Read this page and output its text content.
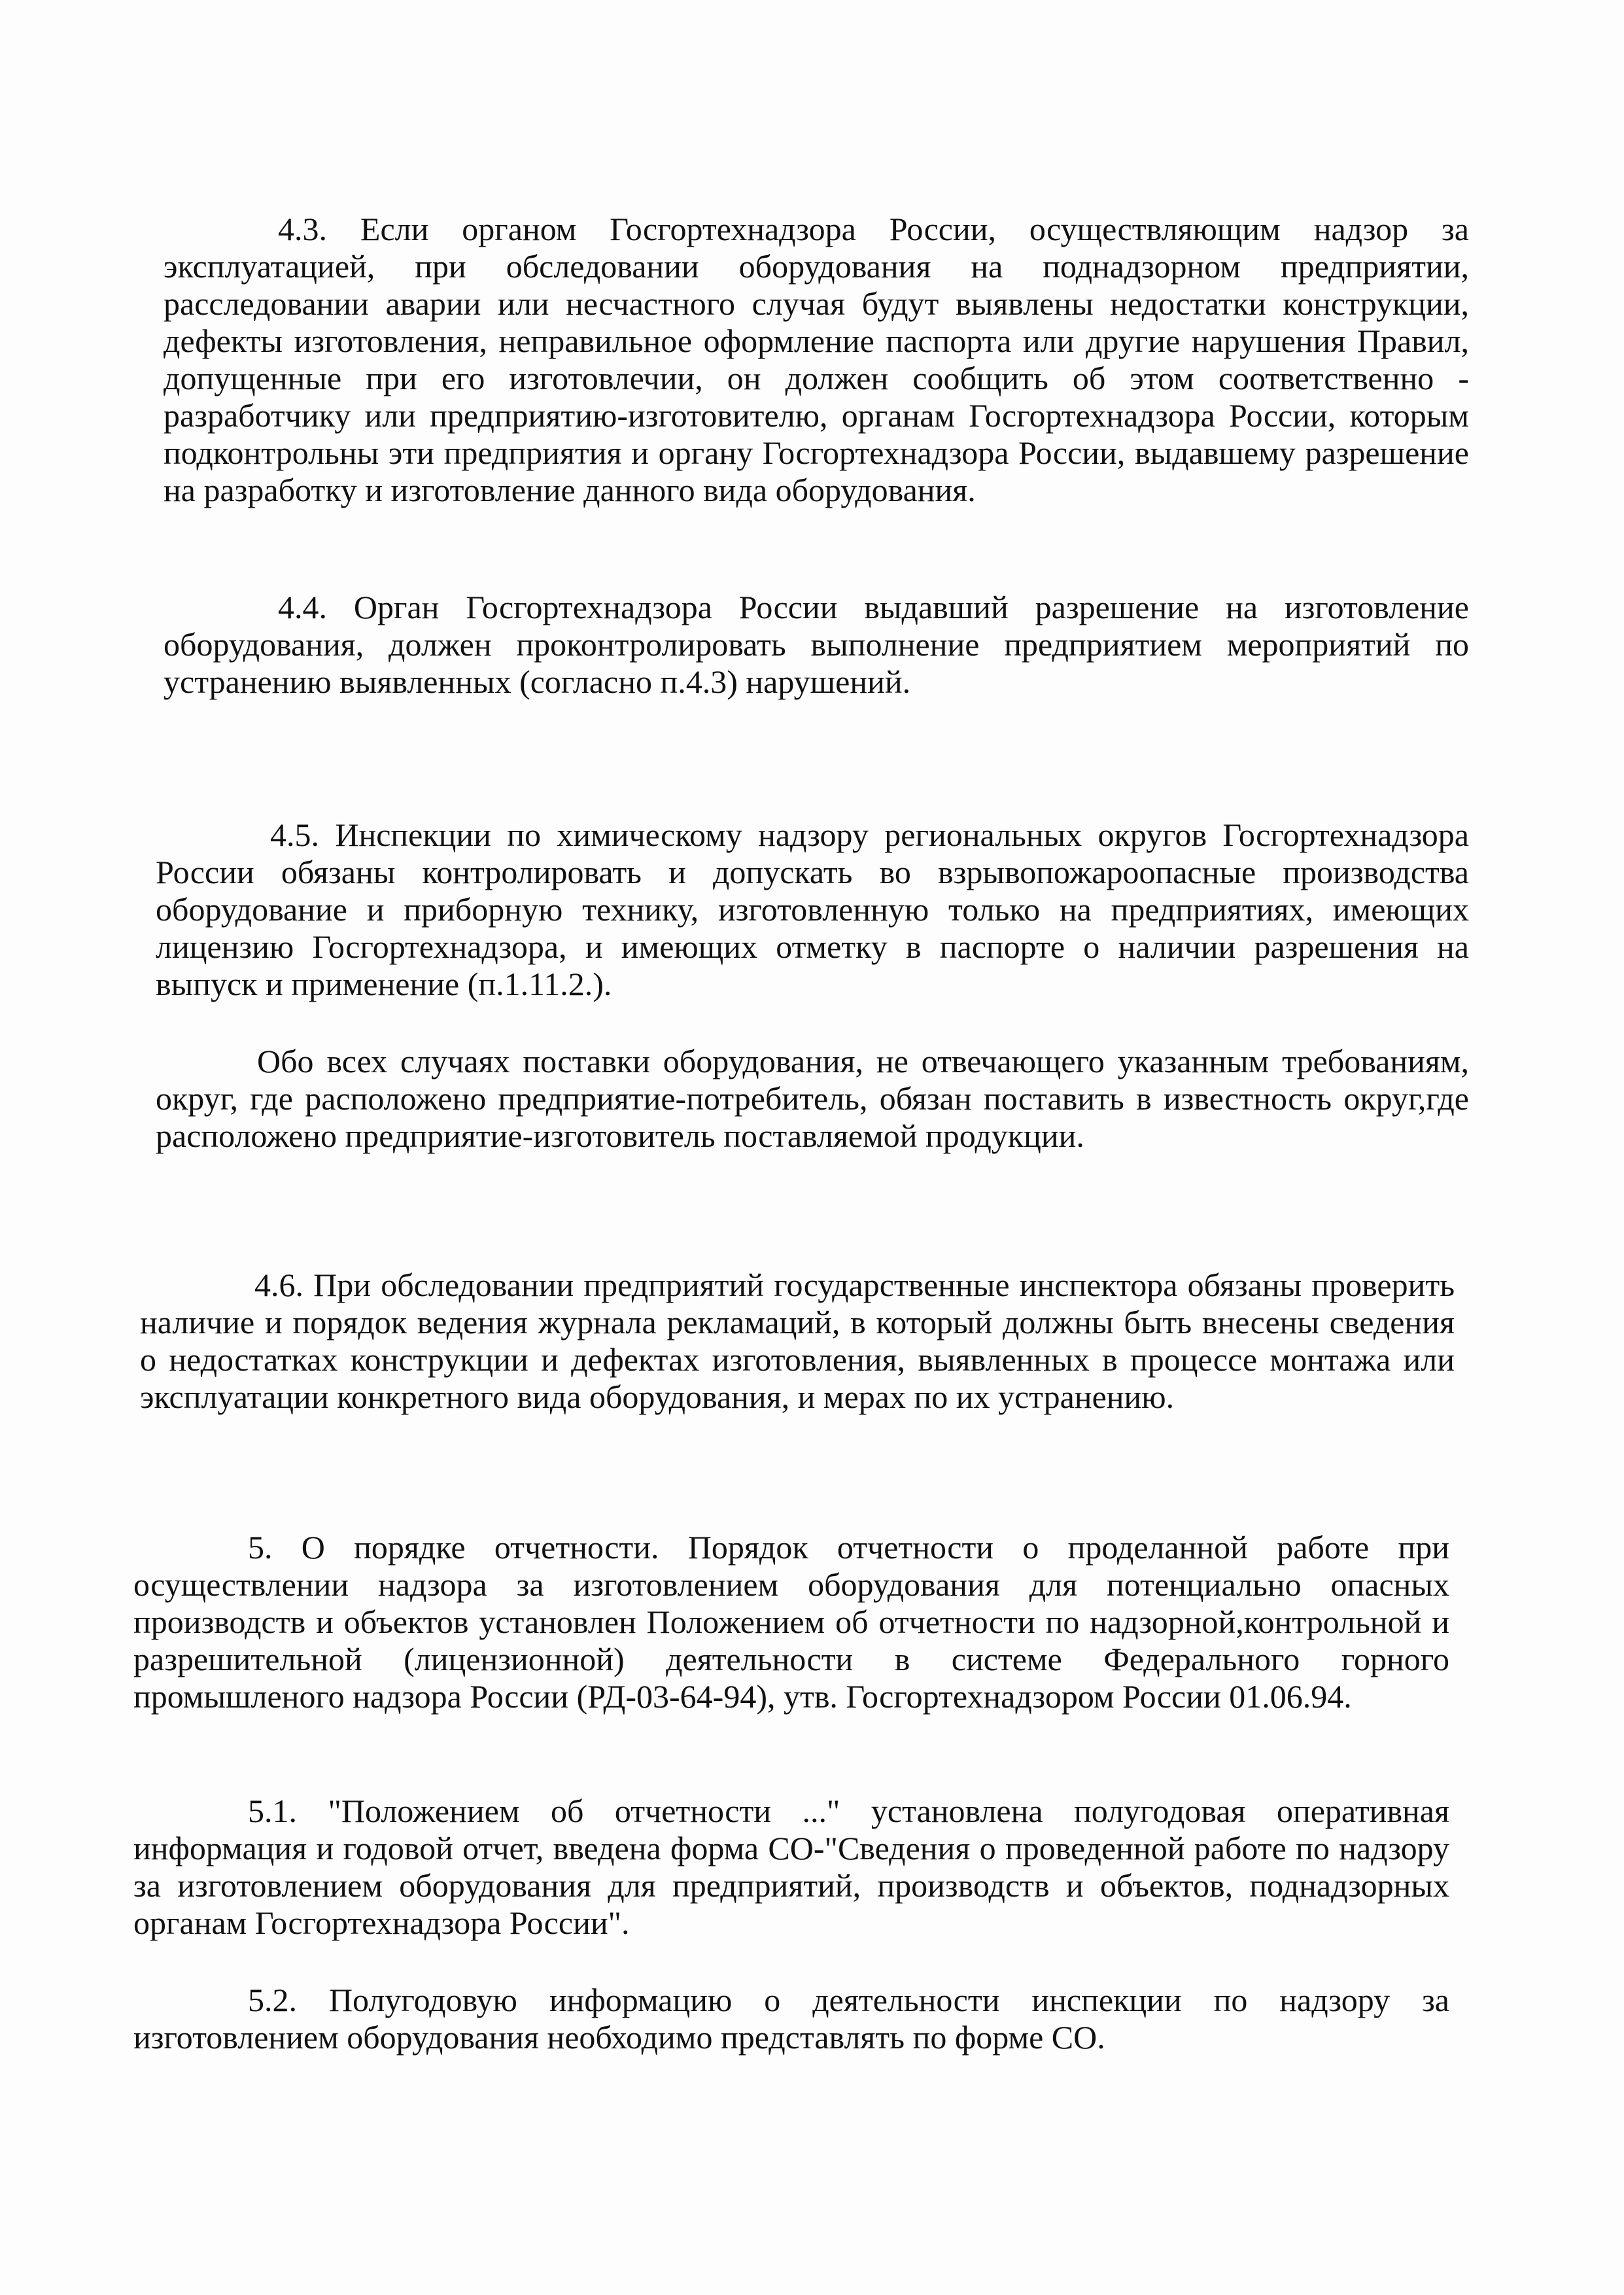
4.3. Если органом Госгортехнадзора России, осуществляющим надзор за эксплуатацией, при обследовании оборудования на поднадзорном предприятии, расследовании аварии или несчастного случая будут выявлены недостатки конструкции, дефекты изготовления, неправильное оформление паспорта или другие нарушения Правил, допущенные при его изготовлечии, он должен сообщить об этом соответственно - разработчику или предприятию-изготовителю, органам Госгортехнадзора России, которым подконтрольны эти предприятия и органу Госгортехнадзора России, выдавшему разрешение на разработку и изготовление данного вида оборудования.

4.4. Орган Госгортехнадзора России выдавший разрешение на изготовление оборудования, должен проконтролировать выполнение предприятием мероприятий по устранению выявленных (согласно п.4.3) нарушений.

4.5. Инспекции по химическому надзору региональных округов Госгортехнадзора России обязаны контролировать и допускать во взрывопожароопасные производства оборудование и приборную технику, изготовленную только на предприятиях, имеющих лицензию Госгортехнадзора, и имеющих отметку в паспорте о наличии разрешения на выпуск и применение (п.1.11.2.).

Обо всех случаях поставки оборудования, не отвечающего указанным требованиям, округ, где расположено предприятие-потребитель, обязан поставить в известность округ,где расположено предприятие-изготовитель поставляемой продукции.

4.6. При обследовании предприятий государственные инспектора обязаны проверить наличие и порядок ведения журнала рекламаций, в который должны быть внесены сведения о недостатках конструкции и дефектах изготовления, выявленных в процессе монтажа или эксплуатации конкретного вида оборудования, и мерах по их устранению.

5. О порядке отчетности. Порядок отчетности о проделанной работе при осуществлении надзора за изготовлением оборудования для потенциально опасных производств и объектов установлен Положением об отчетности по надзорной,контрольной и разрешительной (лицензионной) деятельности в системе Федерального горного промышленого надзора России (РД-03-64-94), утв. Госгортехнадзором России 01.06.94.

5.1. "Положением об отчетности ..." установлена полугодовая оперативная информация и годовой отчет, введена форма СО-"Сведения о проведенной работе по надзору за изготовлением оборудования для предприятий, производств и объектов, поднадзорных органам Госгортехнадзора России".

5.2. Полугодовую информацию о деятельности инспекции по надзору за изготовлением оборудования необходимо представлять по форме СО.
